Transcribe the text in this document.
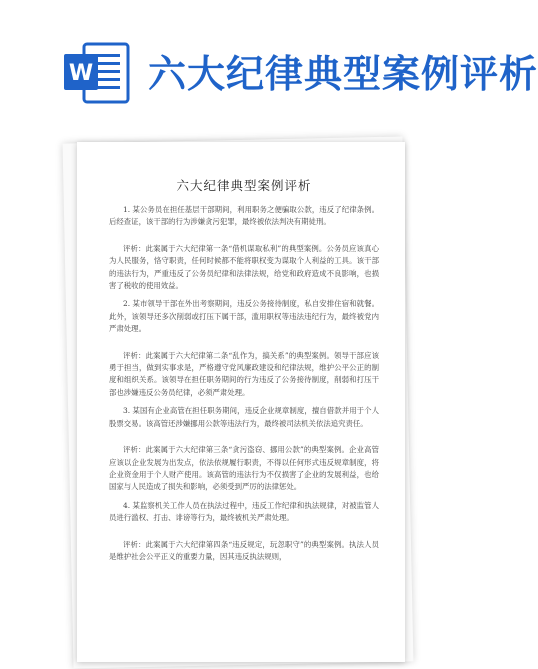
W 六大纪律典型案例评析
六大纪律典型案例评析

1. 某公务员在担任基层干部期间，利用职务之便骗取公款，违反了纪律条例。后经查证，该干部的行为涉嫌贪污犯罪，最终被依法判决有期徒刑。

评析：此案属于六大纪律第一条“借机谋取私利”的典型案例。公务员应该真心为人民服务，恪守职责，任何时候都不能将职权变为谋取个人利益的工具。该干部的违法行为，严重违反了公务员纪律和法律法规，给党和政府造成不良影响，也损害了税收的使用效益。

2. 某市领导干部在外出考察期间，违反公务接待制度，私自安排住宿和就餐。此外，该领导还多次削弱或打压下属干部，滥用职权等违法违纪行为，最终被党内严肃处理。

评析：此案属于六大纪律第二条“乱作为，搞关系”的典型案例。领导干部应该勇于担当，做到实事求是，严格遵守党风廉政建设和纪律法规，维护公平公正的制度和组织关系。该领导在担任职务期间的行为违反了公务接待制度，削弱和打压干部也涉嫌违反公务员纪律，必须严肃处理。

3. 某国有企业高管在担任职务期间，违反企业规章制度，擅自借款并用于个人股票交易。该高管还涉嫌挪用公款等违法行为，最终被司法机关依法追究责任。

评析：此案属于六大纪律第三条“贪污盗窃、挪用公款”的典型案例。企业高管应该以企业发展为出发点，依法依规履行职责，不得以任何形式违反规章制度，将企业资金用于个人财产使用。该高管的违法行为不仅损害了企业的发展利益，也给国家与人民造成了损失和影响，必须受到严厉的法律惩处。

4. 某监察机关工作人员在执法过程中，违反工作纪律和执法规律，对被监管人员进行滥权、打击、诽谤等行为，最终被机关严肃处理。

评析：此案属于六大纪律第四条“违反规定，玩忽职守”的典型案例。执法人员是维护社会公平正义的重要力量，因其违反执法规则，
